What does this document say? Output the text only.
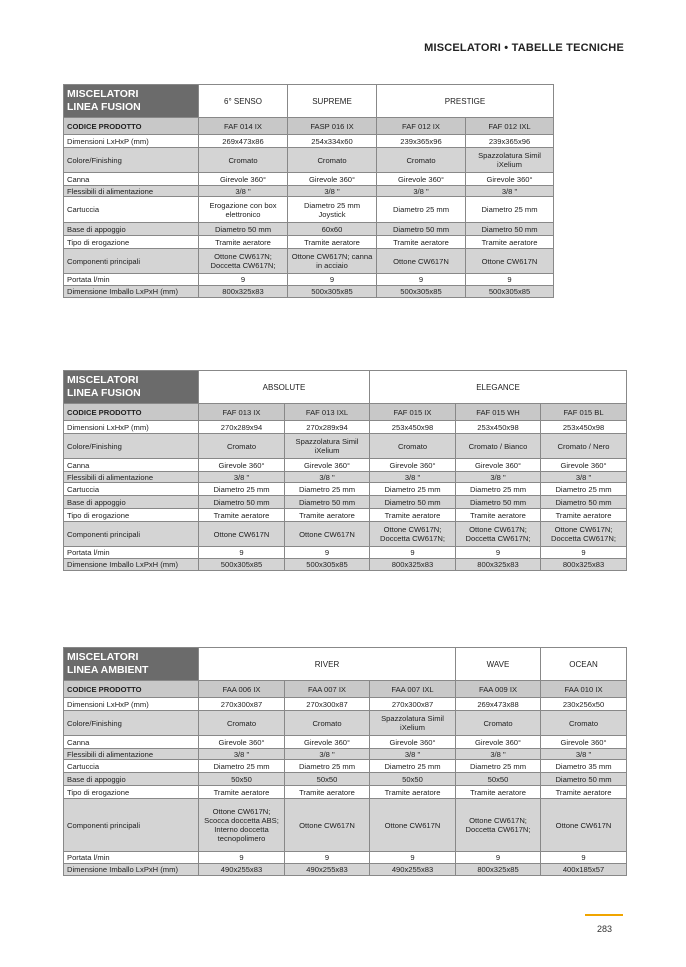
MISCELATORI • TABELLE TECNICHE
MISCELATORI
LINEA FUSION	6° SENSO	SUPREME	PRESTIGE	
CODICE PRODOTTO	FAF 014 IX	FASP 016 IX	FAF 012 IX	FAF 012 IXL
Dimensioni LxHxP (mm)	269x473x86	254x334x60	239x365x96	239x365x96
Colore/Finishing	Cromato	Cromato	Cromato	Spazzolatura Simil iXelium
Canna	Girevole 360°	Girevole 360°	Girevole 360°	Girevole 360°
Flessibili di alimentazione	3/8 "	3/8 "	3/8 "	3/8 "
Cartuccia	Erogazione con box elettronico	Diametro 25 mm Joystick	Diametro 25 mm	Diametro 25 mm
Base di appoggio	Diametro 50 mm	60x60	Diametro 50 mm	Diametro 50 mm
Tipo di erogazione	Tramite aeratore	Tramite aeratore	Tramite aeratore	Tramite aeratore
Componenti principali	Ottone CW617N; Doccetta CW617N;	Ottone CW617N; canna in acciaio	Ottone CW617N	Ottone CW617N
Portata l/min	9	9	9	9
Dimensione Imballo LxPxH (mm)	800x325x83	500x305x85	500x305x85	500x305x85
MISCELATORI
LINEA FUSION	ABSOLUTE		ELEGANCE		
CODICE PRODOTTO	FAF 013 IX	FAF 013 IXL	FAF 015 IX	FAF 015 WH	FAF 015 BL
Dimensioni LxHxP (mm)	270x289x94	270x289x94	253x450x98	253x450x98	253x450x98
Colore/Finishing	Cromato	Spazzolatura Simil iXelium	Cromato	Cromato / Bianco	Cromato / Nero
Canna	Girevole 360°	Girevole 360°	Girevole 360°	Girevole 360°	Girevole 360°
Flessibili di alimentazione	3/8 "	3/8 "	3/8 "	3/8 "	3/8 "
Cartuccia	Diametro 25 mm	Diametro 25 mm	Diametro 25 mm	Diametro 25 mm	Diametro 25 mm
Base di appoggio	Diametro 50 mm	Diametro 50 mm	Diametro 50 mm	Diametro 50 mm	Diametro 50 mm
Tipo di erogazione	Tramite aeratore	Tramite aeratore	Tramite aeratore	Tramite aeratore	Tramite aeratore
Componenti principali	Ottone CW617N	Ottone CW617N	Ottone CW617N; Doccetta CW617N;	Ottone CW617N; Doccetta CW617N;	Ottone CW617N; Doccetta CW617N;
Portata l/min	9	9	9	9	9
Dimensione Imballo LxPxH (mm)	500x305x85	500x305x85	800x325x83	800x325x83	800x325x83
MISCELATORI
LINEA AMBIENT	RIVER			WAVE	OCEAN
CODICE PRODOTTO	FAA 006 IX	FAA 007 IX	FAA 007 IXL	FAA 009 IX	FAA 010 IX
Dimensioni LxHxP (mm)	270x300x87	270x300x87	270x300x87	269x473x88	230x256x50
Colore/Finishing	Cromato	Cromato	Spazzolatura Simil iXelium	Cromato	Cromato
Canna	Girevole 360°	Girevole 360°	Girevole 360°	Girevole 360°	Girevole 360°
Flessibili di alimentazione	3/8 "	3/8 "	3/8 "	3/8 "	3/8 "
Cartuccia	Diametro 25 mm	Diametro 25 mm	Diametro 25 mm	Diametro 25 mm	Diametro 35 mm
Base di appoggio	50x50	50x50	50x50	50x50	Diametro 50 mm
Tipo di erogazione	Tramite aeratore	Tramite aeratore	Tramite aeratore	Tramite aeratore	Tramite aeratore
Componenti principali	Ottone CW617N; Scocca doccetta ABS; Interno doccetta tecnopolimero	Ottone CW617N	Ottone CW617N	Ottone CW617N; Doccetta CW617N;	Ottone CW617N
Portata l/min	9	9	9	9	9
Dimensione Imballo LxPxH (mm)	490x255x83	490x255x83	490x255x83	800x325x85	400x185x57
283
